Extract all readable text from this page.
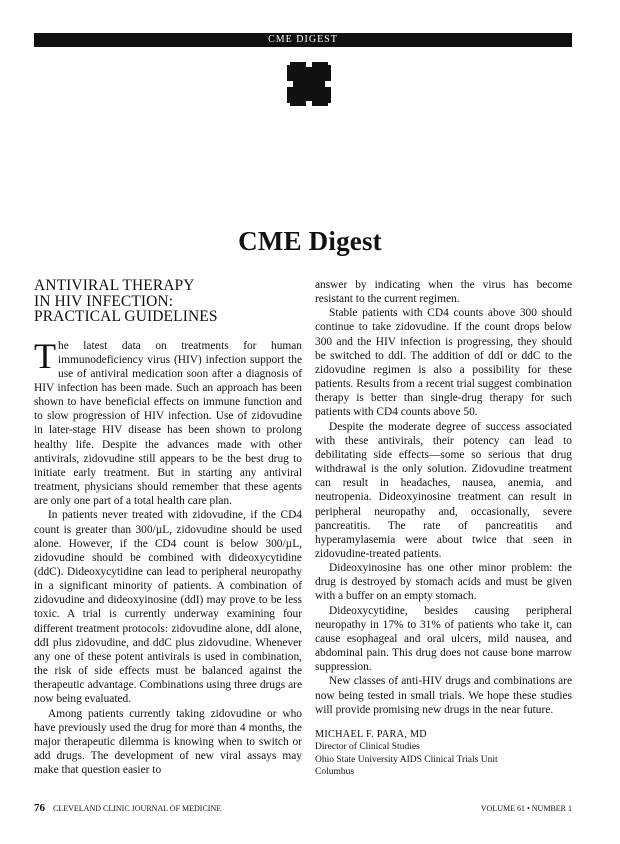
CME DIGEST
CME Digest
ANTIVIRAL THERAPY
IN HIV INFECTION:
PRACTICAL GUIDELINES

The latest data on treatments for human immunodeficiency virus (HIV) infection support the use of antiviral medication soon after a diagnosis of HIV infection has been made. Such an approach has been shown to have beneficial effects on immune function and to slow progression of HIV infection. Use of zidovudine in later-stage HIV disease has been shown to prolong healthy life. Despite the advances made with other antivirals, zidovudine still appears to be the best drug to initiate early treatment. But in starting any antiviral treatment, physicians should remember that these agents are only one part of a total health care plan.

In patients never treated with zidovudine, if the CD4 count is greater than 300/µL, zidovudine should be used alone. However, if the CD4 count is below 300/µL, zidovudine should be combined with dideoxycytidine (ddC). Dideoxycytidine can lead to peripheral neuropathy in a significant minority of patients. A combination of zidovudine and dideoxyinosine (ddI) may prove to be less toxic. A trial is currently underway examining four different treatment protocols: zidovudine alone, ddI alone, ddI plus zidovudine, and ddC plus zidovudine. Whenever any one of these potent antivirals is used in combination, the risk of side effects must be balanced against the therapeutic advantage. Combinations using three drugs are now being evaluated.

Among patients currently taking zidovudine or who have previously used the drug for more than 4 months, the major therapeutic dilemma is knowing when to switch or add drugs. The development of new viral assays may make that question easier to

answer by indicating when the virus has become resistant to the current regimen.

Stable patients with CD4 counts above 300 should continue to take zidovudine. If the count drops below 300 and the HIV infection is progressing, they should be switched to ddI. The addition of ddI or ddC to the zidovudine regimen is also a possibility for these patients. Results from a recent trial suggest combination therapy is better than single-drug therapy for such patients with CD4 counts above 50.

Despite the moderate degree of success associated with these antivirals, their potency can lead to debilitating side effects—some so serious that drug withdrawal is the only solution. Zidovudine treatment can result in headaches, nausea, anemia, and neutropenia. Dideoxyinosine treatment can result in peripheral neuropathy and, occasionally, severe pancreatitis. The rate of pancreatitis and hyperamylasemia were about twice that seen in zidovudine-treated patients.

Dideoxyinosine has one other minor problem: the drug is destroyed by stomach acids and must be given with a buffer on an empty stomach.

Dideoxycytidine, besides causing peripheral neuropathy in 17% to 31% of patients who take it, can cause esophageal and oral ulcers, mild nausea, and abdominal pain. This drug does not cause bone marrow suppression.

New classes of anti-HIV drugs and combinations are now being tested in small trials. We hope these studies will provide promising new drugs in the near future.

MICHAEL F. PARA, MD
Director of Clinical Studies
Ohio State University AIDS Clinical Trials Unit
Columbus
76 CLEVELAND CLINIC JOURNAL OF MEDICINE	VOLUME 61 • NUMBER 1
